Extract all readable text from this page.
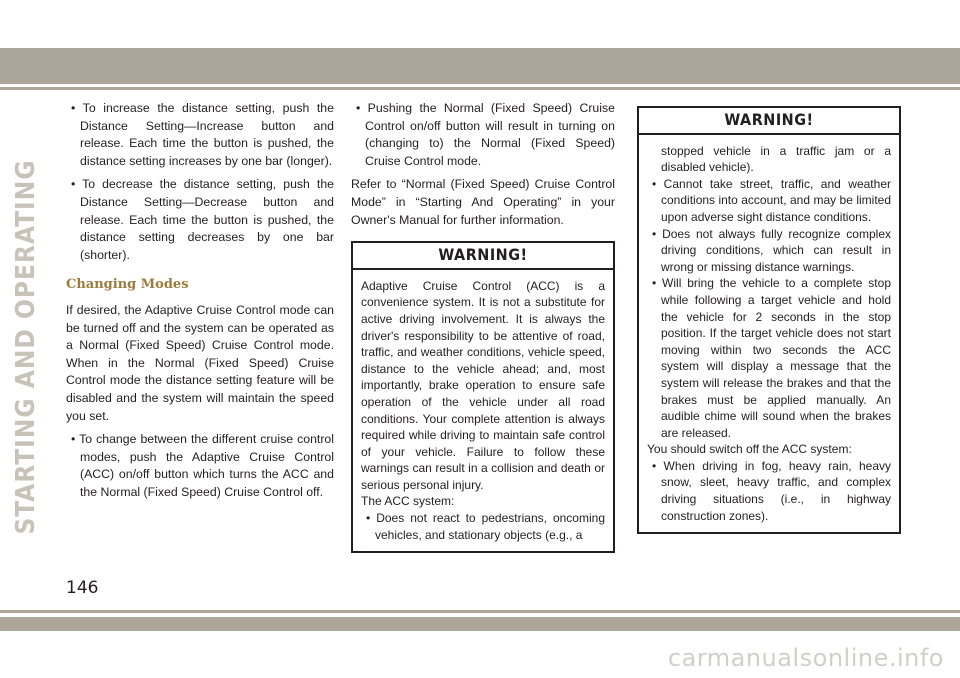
STARTING AND OPERATING

• To increase the distance setting, push the Distance Setting—Increase button and release. Each time the button is pushed, the distance setting increases by one bar (longer).

• To decrease the distance setting, push the Distance Setting—Decrease button and release. Each time the button is pushed, the distance setting decreases by one bar (shorter).

Changing Modes

If desired, the Adaptive Cruise Control mode can be turned off and the system can be operated as a Normal (Fixed Speed) Cruise Control mode. When in the Normal (Fixed Speed) Cruise Control mode the distance setting feature will be disabled and the system will maintain the speed you set.

• To change between the different cruise control modes, push the Adaptive Cruise Control (ACC) on/off button which turns the ACC and the Normal (Fixed Speed) Cruise Control off.

• Pushing the Normal (Fixed Speed) Cruise Control on/off button will result in turning on (changing to) the Normal (Fixed Speed) Cruise Control mode.

Refer to “Normal (Fixed Speed) Cruise Control Mode” in “Starting And Operating” in your Owner's Manual for further information.

WARNING!

Adaptive Cruise Control (ACC) is a convenience system. It is not a substitute for active driving involvement. It is always the driver's responsibility to be attentive of road, traffic, and weather conditions, vehicle speed, distance to the vehicle ahead; and, most importantly, brake operation to ensure safe operation of the vehicle under all road conditions. Your complete attention is always required while driving to maintain safe control of your vehicle. Failure to follow these warnings can result in a collision and death or serious personal injury.

The ACC system:

• Does not react to pedestrians, oncoming vehicles, and stationary objects (e.g., a

WARNING!

stopped vehicle in a traffic jam or a disabled vehicle).

• Cannot take street, traffic, and weather conditions into account, and may be limited upon adverse sight distance conditions.

• Does not always fully recognize complex driving conditions, which can result in wrong or missing distance warnings.

• Will bring the vehicle to a complete stop while following a target vehicle and hold the vehicle for 2 seconds in the stop position. If the target vehicle does not start moving within two seconds the ACC system will display a message that the system will release the brakes and that the brakes must be applied manually. An audible chime will sound when the brakes are released.

You should switch off the ACC system:

• When driving in fog, heavy rain, heavy snow, sleet, heavy traffic, and complex driving situations (i.e., in highway construction zones).

146
carmanualsonline.info
